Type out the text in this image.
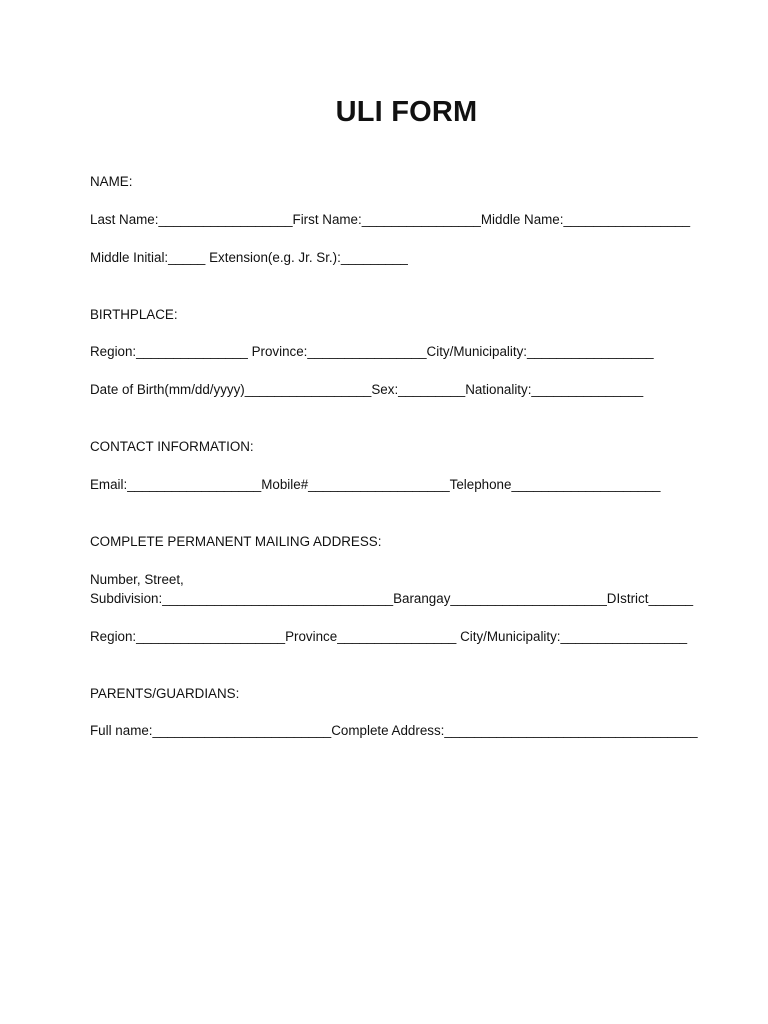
ULI FORM
NAME:
Last Name:__________________First Name:________________Middle Name:_________________
Middle Initial:_____ Extension(e.g. Jr. Sr.):_________
BIRTHPLACE:
Region:_______________ Province:________________City/Municipality:_________________
Date of Birth(mm/dd/yyyy)_________________Sex:_________Nationality:_______________
CONTACT INFORMATION:
Email:__________________Mobile#___________________Telephone____________________
COMPLETE PERMANENT MAILING ADDRESS:
Number, Street,
Subdivision:_______________________________Barangay_____________________DIstrict______
Region:____________________Province________________ City/Municipality:_________________
PARENTS/GUARDIANS:
Full name:________________________Complete Address:__________________________________
